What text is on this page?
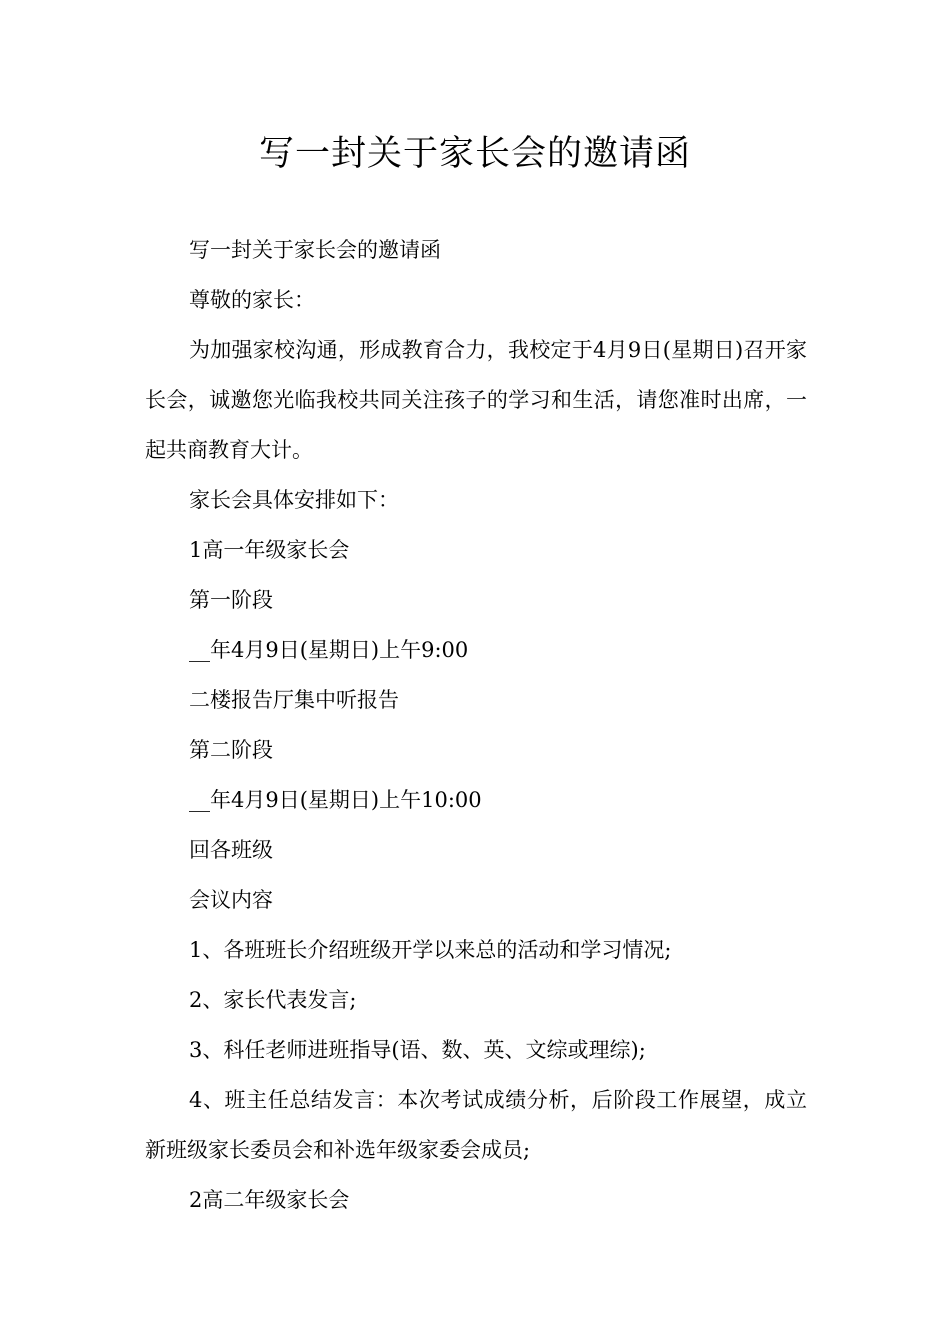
写一封关于家长会的邀请函

写一封关于家长会的邀请函

尊敬的家长：

为加强家校沟通，形成教育合力，我校定于4月9日(星期日)召开家长会，诚邀您光临我校共同关注孩子的学习和生活，请您准时出席，一起共商教育大计。

家长会具体安排如下：

1高一年级家长会

第一阶段

__年4月9日(星期日)上午9:00

二楼报告厅集中听报告

第二阶段

__年4月9日(星期日)上午10:00

回各班级

会议内容

1、各班班长介绍班级开学以来总的活动和学习情况;

2、家长代表发言;

3、科任老师进班指导(语、数、英、文综或理综);

4、班主任总结发言：本次考试成绩分析，后阶段工作展望，成立新班级家长委员会和补选年级家委会成员;

2高二年级家长会
